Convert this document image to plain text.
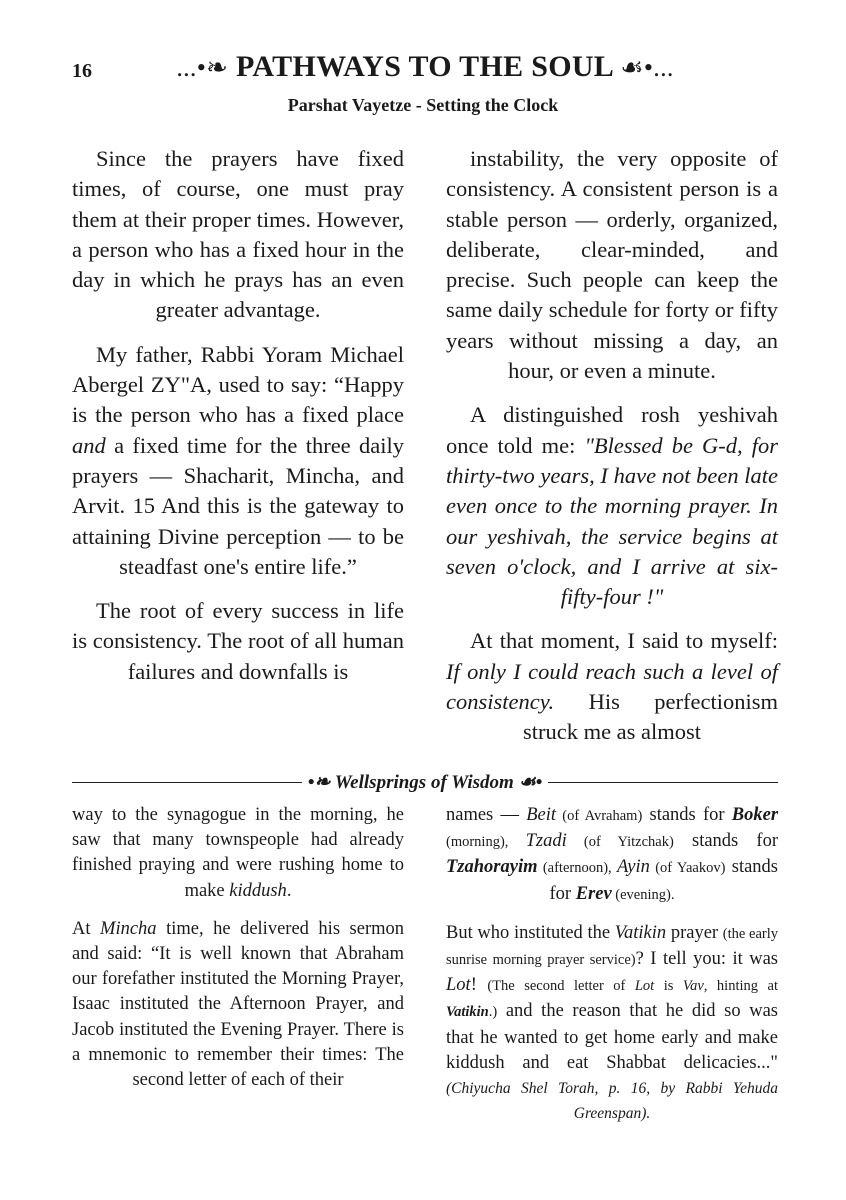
16	...•❧ PATHWAYS TO THE SOUL ☙•...
Parshat Vayetze - Setting the Clock

Since the prayers have fixed times, of course, one must pray them at their proper times. However, a person who has a fixed hour in the day in which he prays has an even greater advantage.

My father, Rabbi Yoram Michael Abergel ZY"A, used to say: “Happy is the person who has a fixed place and a fixed time for the three daily prayers — Shacharit, Mincha, and Arvit. 15 And this is the gateway to attaining Divine perception — to be steadfast one's entire life.”

The root of every success in life is consistency. The root of all human failures and downfalls is

instability, the very opposite of consistency. A consistent person is a stable person — orderly, organized, deliberate, clear-minded, and precise. Such people can keep the same daily schedule for forty or fifty years without missing a day, an hour, or even a minute.

A distinguished rosh yeshivah once told me: "Blessed be G-d, for thirty-two years, I have not been late even once to the morning prayer. In our yeshivah, the service begins at seven o'clock, and I arrive at six-fifty-four !"

At that moment, I said to myself: If only I could reach such a level of consistency. His perfectionism struck me as almost

•❧ Wellsprings of Wisdom ☙•

way to the synagogue in the morning, he saw that many townspeople had already finished praying and were rushing home to make kiddush.

At Mincha time, he delivered his sermon and said: “It is well known that Abraham our forefather instituted the Morning Prayer, Isaac instituted the Afternoon Prayer, and Jacob instituted the Evening Prayer. There is a mnemonic to remember their times: The second letter of each of their

names — Beit (of Avraham) stands for Boker (morning), Tzadi (of Yitzchak) stands for Tzahorayim (afternoon), Ayin (of Yaakov) stands for Erev (evening).

But who instituted the Vatikin prayer (the early sunrise morning prayer service)? I tell you: it was Lot! (The second letter of Lot is Vav, hinting at Vatikin.) and the reason that he did so was that he wanted to get home early and make kiddush and eat Shabbat delicacies..." (Chiyucha Shel Torah, p. 16, by Rabbi Yehuda Greenspan).
